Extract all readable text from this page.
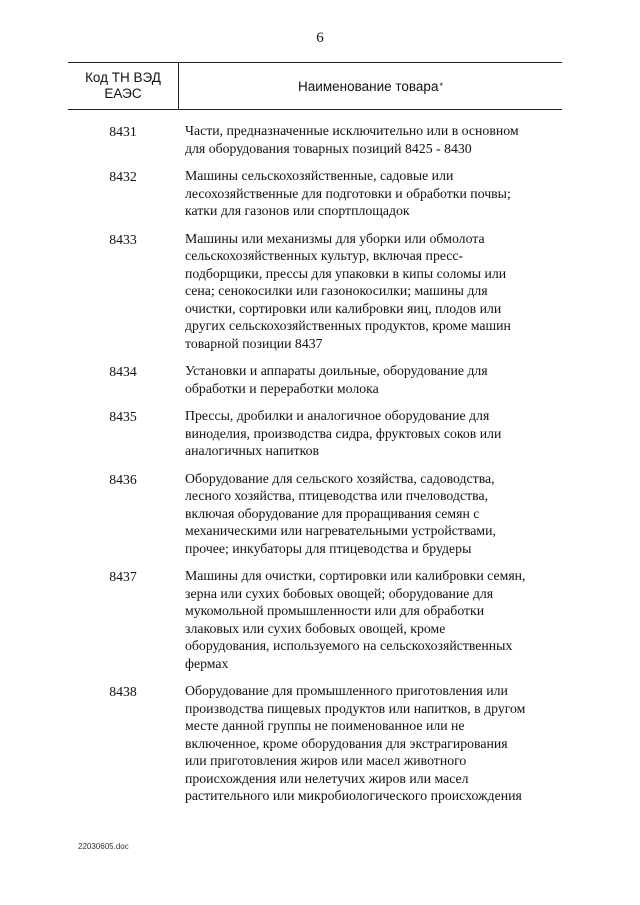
6
Код ТН ВЭД
ЕАЭС	Наименование товара *
8431	Части, предназначенные исключительно или в основном
для оборудования товарных позиций 8425 - 8430
8432	Машины сельскохозяйственные, садовые или
лесохозяйственные для подготовки и обработки почвы;
катки для газонов или спортплощадок
8433	Машины или механизмы для уборки или обмолота
сельскохозяйственных культур, включая пресс-
подборщики, прессы для упаковки в кипы соломы или
сена; сенокосилки или газонокосилки; машины для
очистки, сортировки или калибровки яиц, плодов или
других сельскохозяйственных продуктов, кроме машин
товарной позиции 8437
8434	Установки и аппараты доильные, оборудование для
обработки и переработки молока
8435	Прессы, дробилки и аналогичное оборудование для
виноделия, производства сидра, фруктовых соков или
аналогичных напитков
8436	Оборудование для сельского хозяйства, садоводства,
лесного хозяйства, птицеводства или пчеловодства,
включая оборудование для проращивания семян с
механическими или нагревательными устройствами,
прочее; инкубаторы для птицеводства и брудеры
8437	Машины для очистки, сортировки или калибровки семян,
зерна или сухих бобовых овощей; оборудование для
мукомольной промышленности или для обработки
злаковых или сухих бобовых овощей, кроме
оборудования, используемого на сельскохозяйственных
фермах
8438	Оборудование для промышленного приготовления или
производства пищевых продуктов или напитков, в другом
месте данной группы не поименованное или не
включенное, кроме оборудования для экстрагирования
или приготовления жиров или масел животного
происхождения или нелетучих жиров или масел
растительного или микробиологического происхождения
22030605.doc
